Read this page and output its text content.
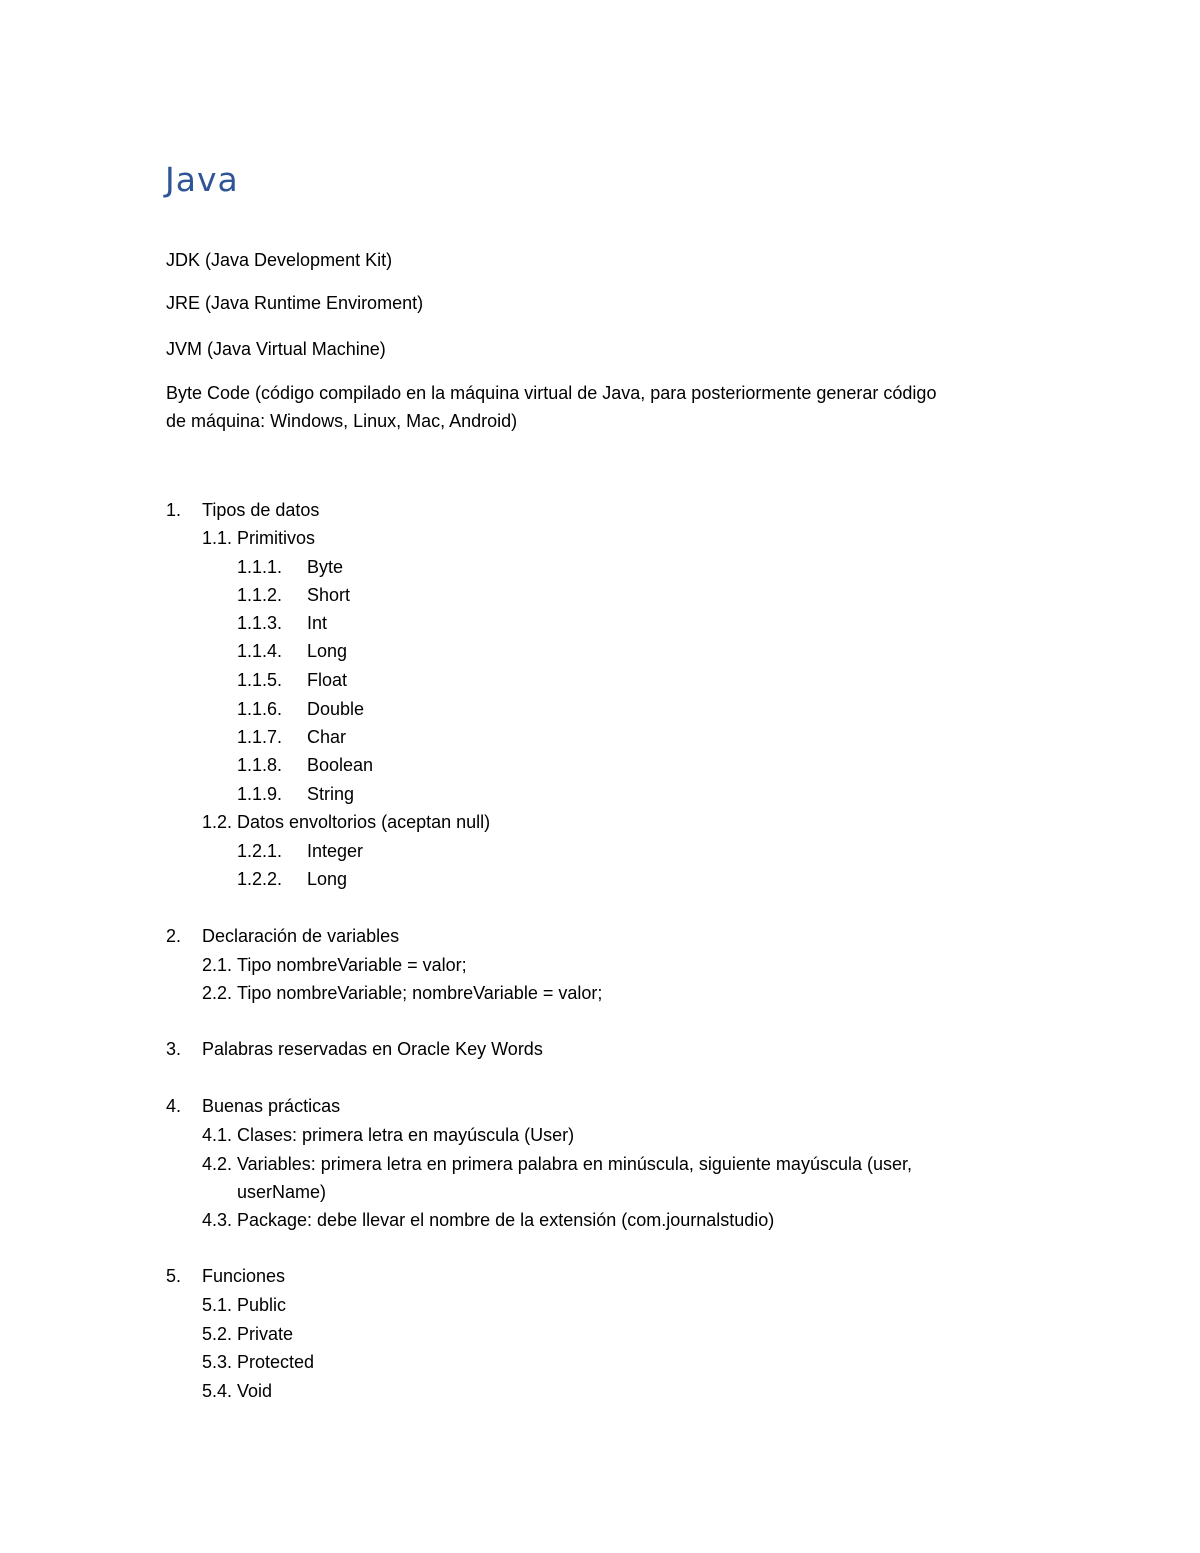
Java
JDK (Java Development Kit)
JRE (Java Runtime Enviroment)
JVM (Java Virtual Machine)
Byte Code (código compilado en la máquina virtual de Java, para posteriormente generar código
de máquina: Windows, Linux, Mac, Android)
1. Tipos de datos
1.1. Primitivos
1.1.1. Byte
1.1.2. Short
1.1.3. Int
1.1.4. Long
1.1.5. Float
1.1.6. Double
1.1.7. Char
1.1.8. Boolean
1.1.9. String
1.2. Datos envoltorios (aceptan null)
1.2.1. Integer
1.2.2. Long
2. Declaración de variables
2.1. Tipo nombreVariable = valor;
2.2. Tipo nombreVariable; nombreVariable = valor;
3. Palabras reservadas en Oracle Key Words
4. Buenas prácticas
4.1. Clases: primera letra en mayúscula (User)
4.2. Variables: primera letra en primera palabra en minúscula, siguiente mayúscula (user,
userName)
4.3. Package: debe llevar el nombre de la extensión (com.journalstudio)
5. Funciones
5.1. Public
5.2. Private
5.3. Protected
5.4. Void
